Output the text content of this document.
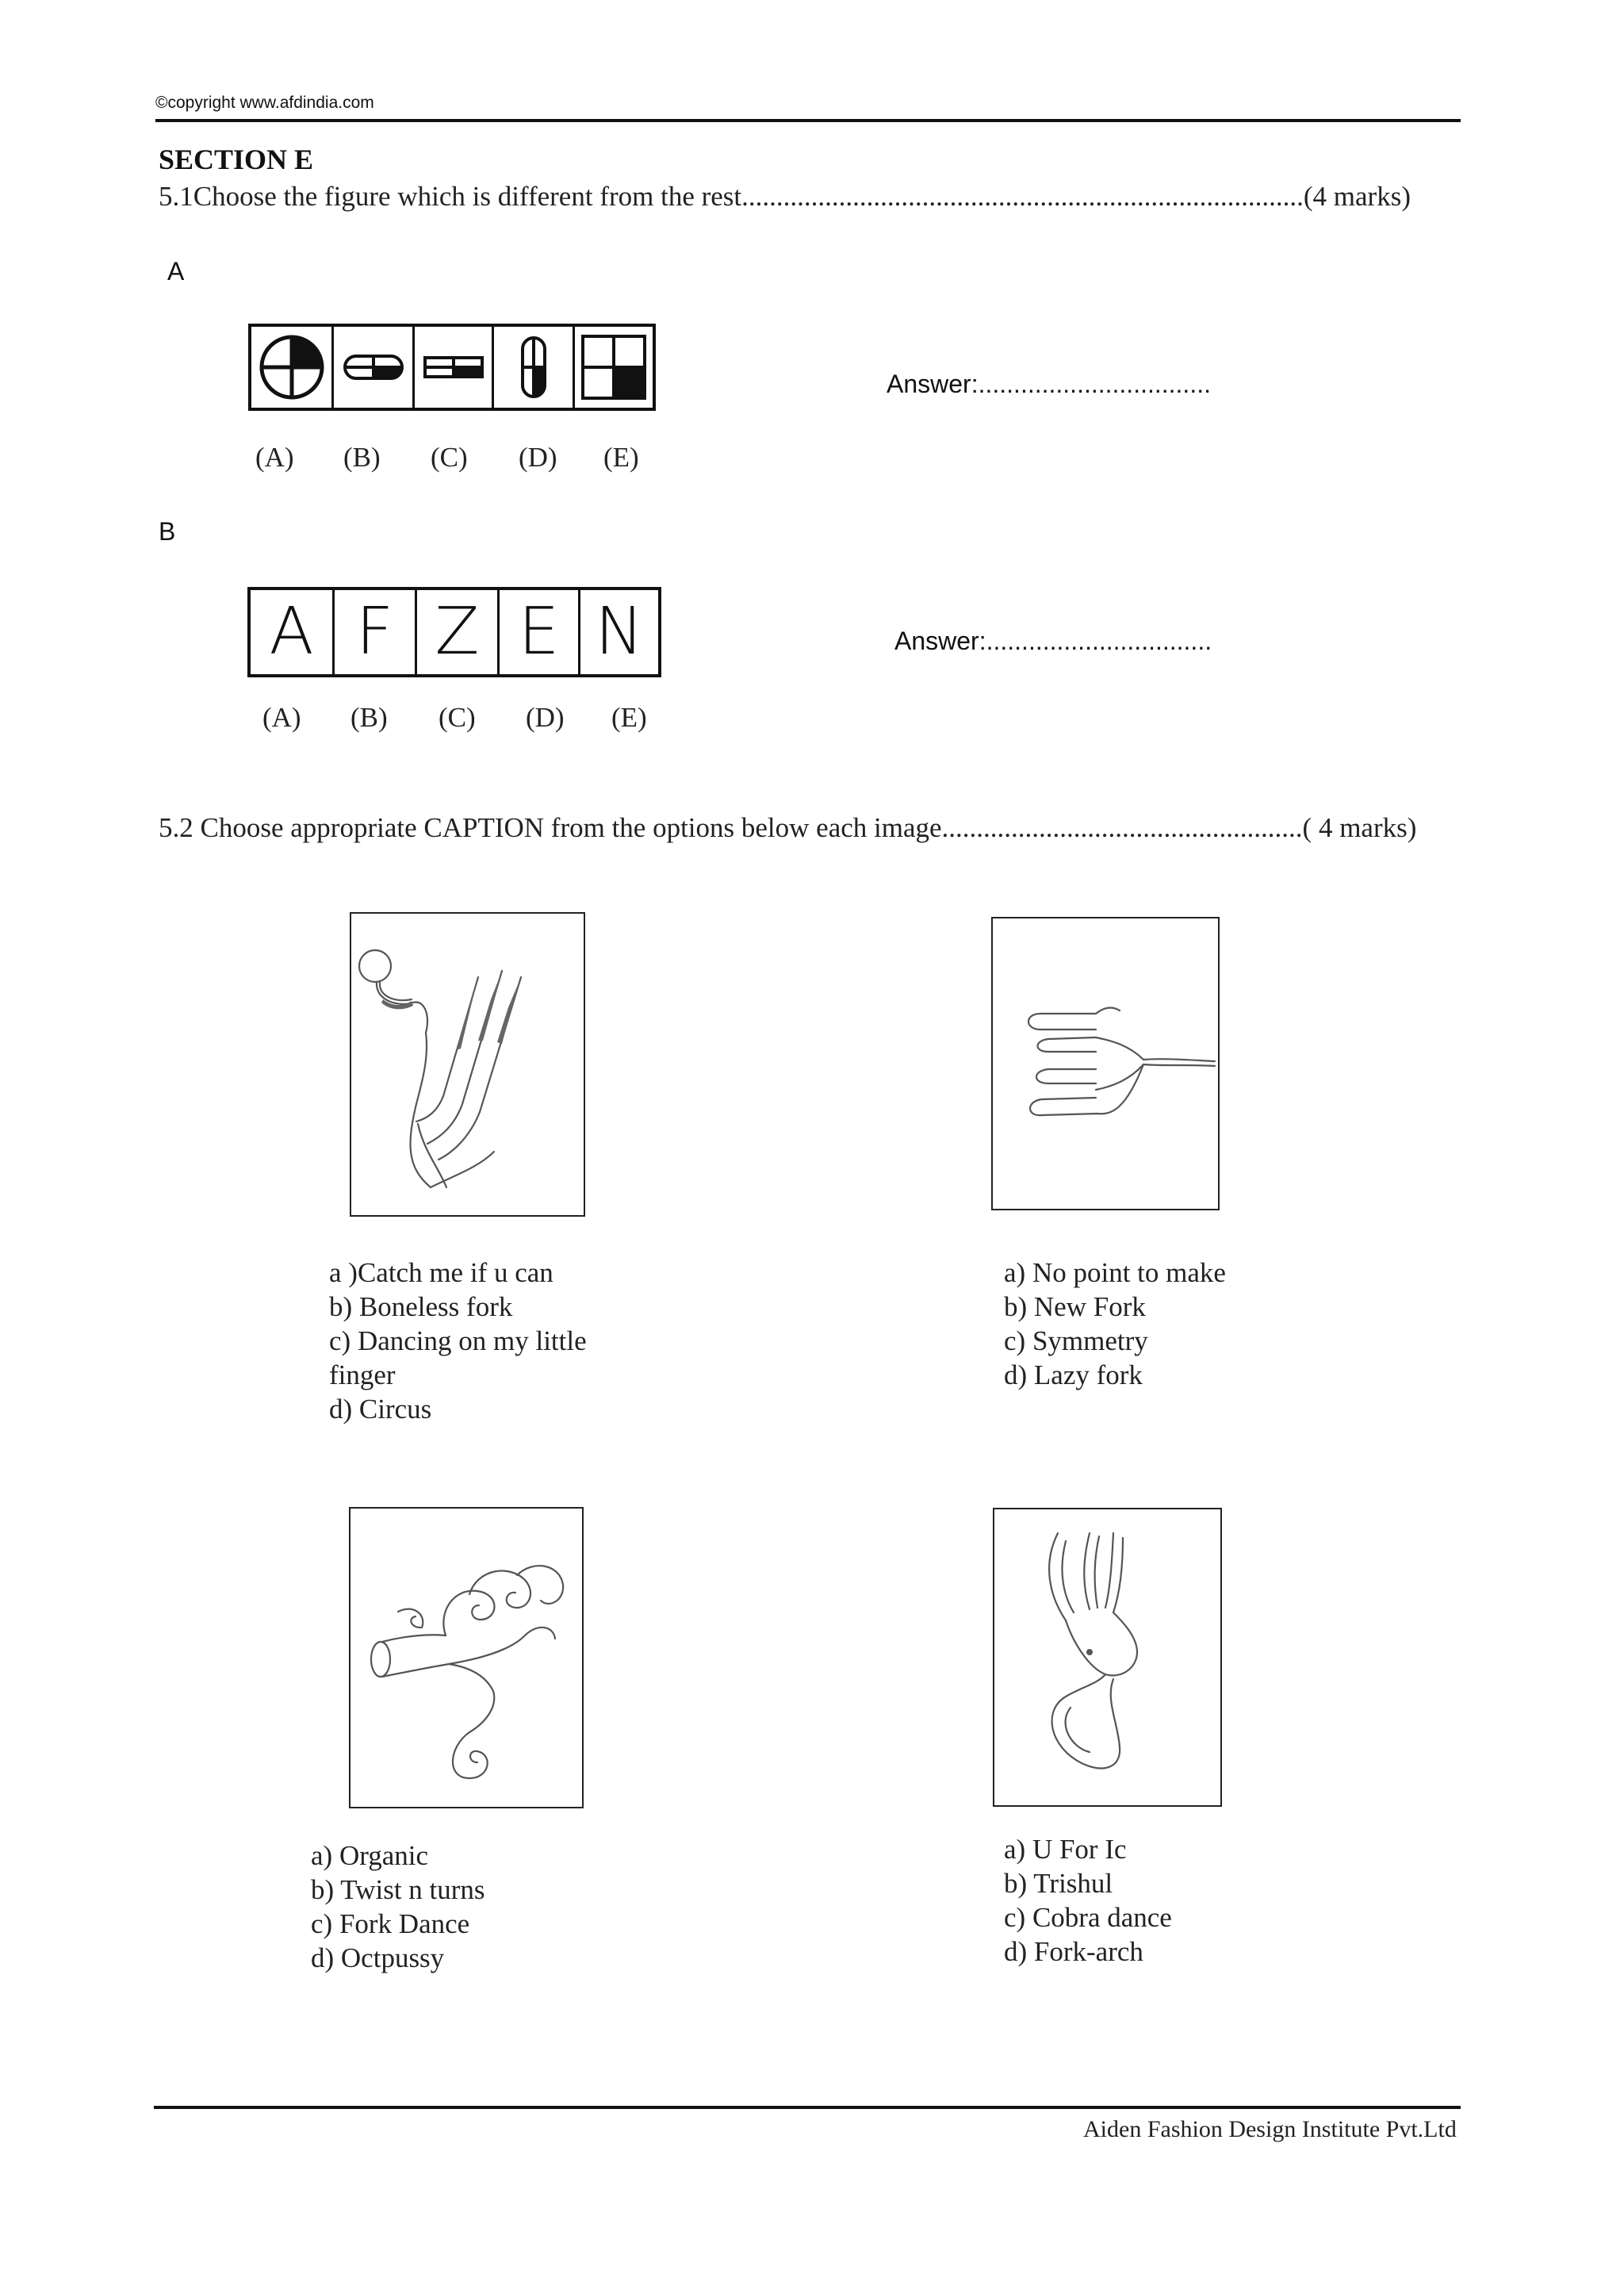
©copyright www.afdindia.com
SECTION E
5.1Choose the figure which is different from the rest.................................................................................(4 marks)
A
(A) (B) (C) (D) (E)
Answer:.................................
B
A F Z E N
(A) (B) (C) (D) (E)
Answer:................................
5.2 Choose appropriate CAPTION from the options below each image....................................................( 4 marks)
a )Catch me if u can
b) Boneless fork
c) Dancing on my little
finger
d) Circus
a) No point to make
b) New Fork
c) Symmetry
d) Lazy fork
a) Organic
b) Twist n turns
c) Fork Dance
d) Octpussy
a) U For Ic
b) Trishul
c) Cobra dance
d) Fork-arch
Aiden Fashion Design Institute Pvt.Ltd
